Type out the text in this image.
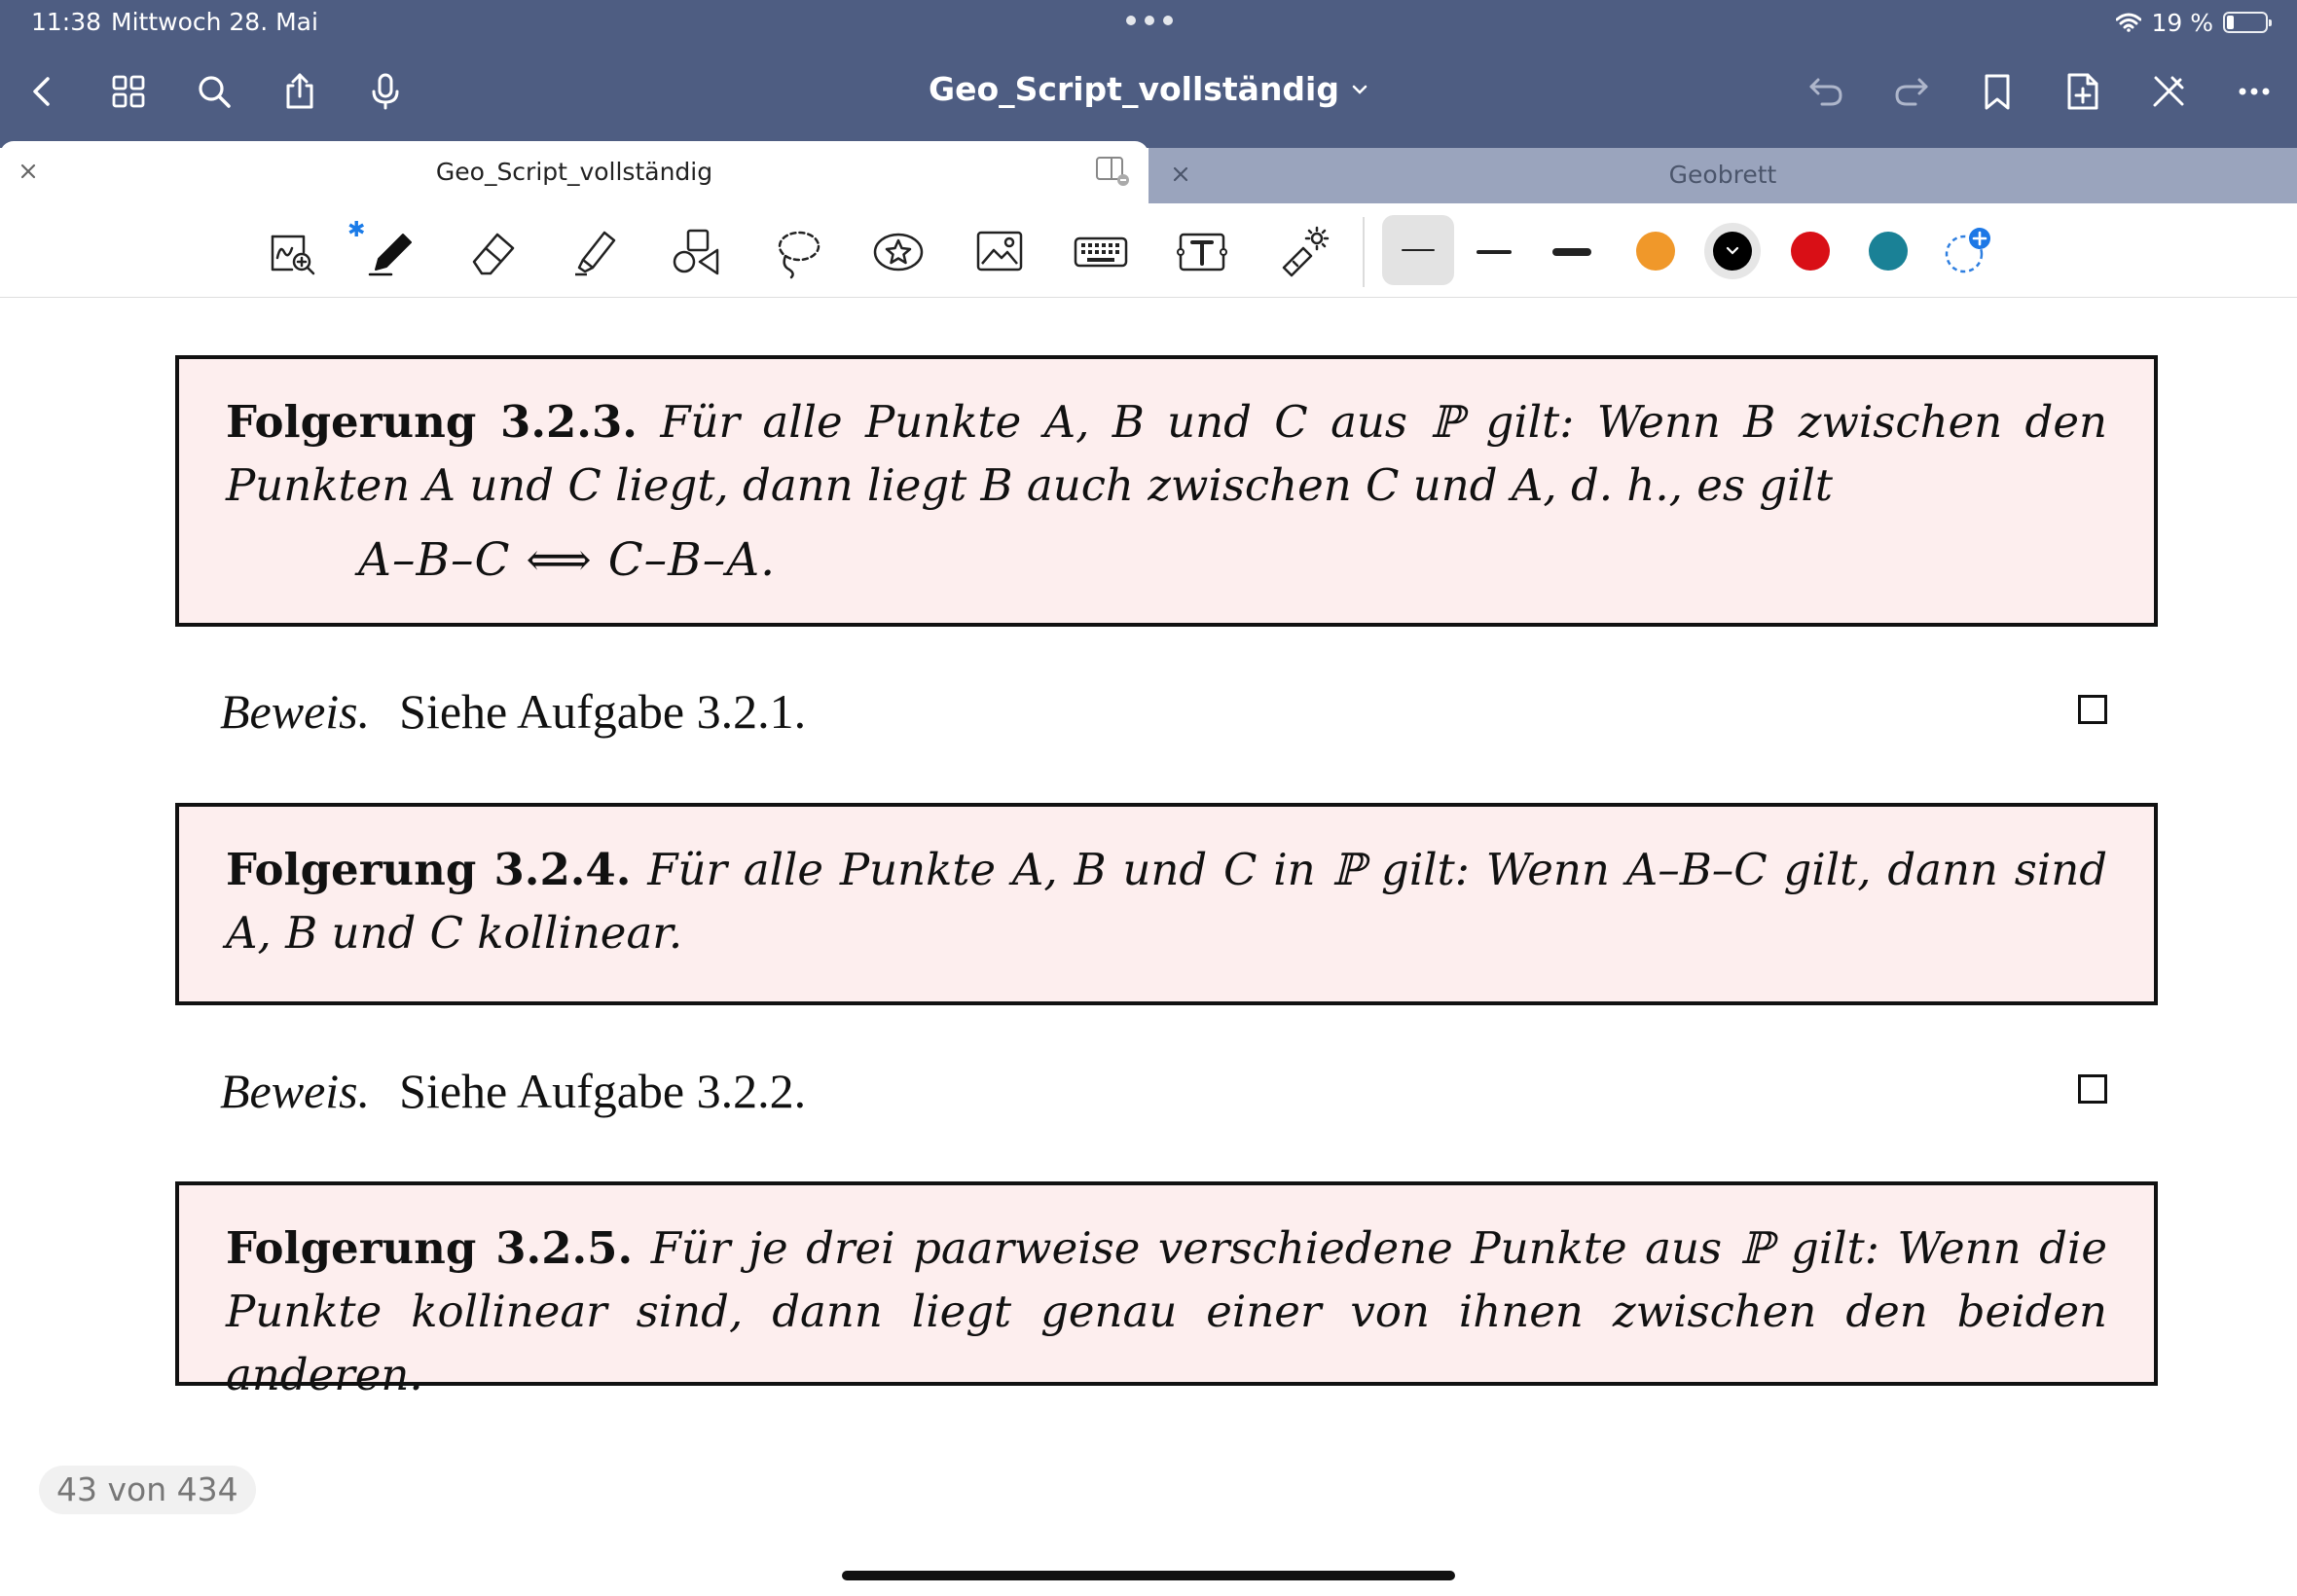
11:38 Mittwoch 28. Mai	19 %
Geo_Script_vollständig
Geobrett
Geo_Script_vollständig
✱

Folgerung 3.2.3. Für alle Punkte A, B und C aus ℙ gilt: Wenn B zwischen den Punkten A und C liegt, dann liegt B auch zwischen C und A, d. h., es gilt

A–B–C ⟺ C–B–A.
Beweis. Siehe Aufgabe 3.2.1.

Folgerung 3.2.4. Für alle Punkte A, B und C in ℙ gilt: Wenn A–B–C gilt, dann sind A, B und C kollinear.

Beweis. Siehe Aufgabe 3.2.2.

Folgerung 3.2.5. Für je drei paarweise verschiedene Punkte aus ℙ gilt: Wenn die Punkte kollinear sind, dann liegt genau einer von ihnen zwischen den beiden anderen.

43 von 434
